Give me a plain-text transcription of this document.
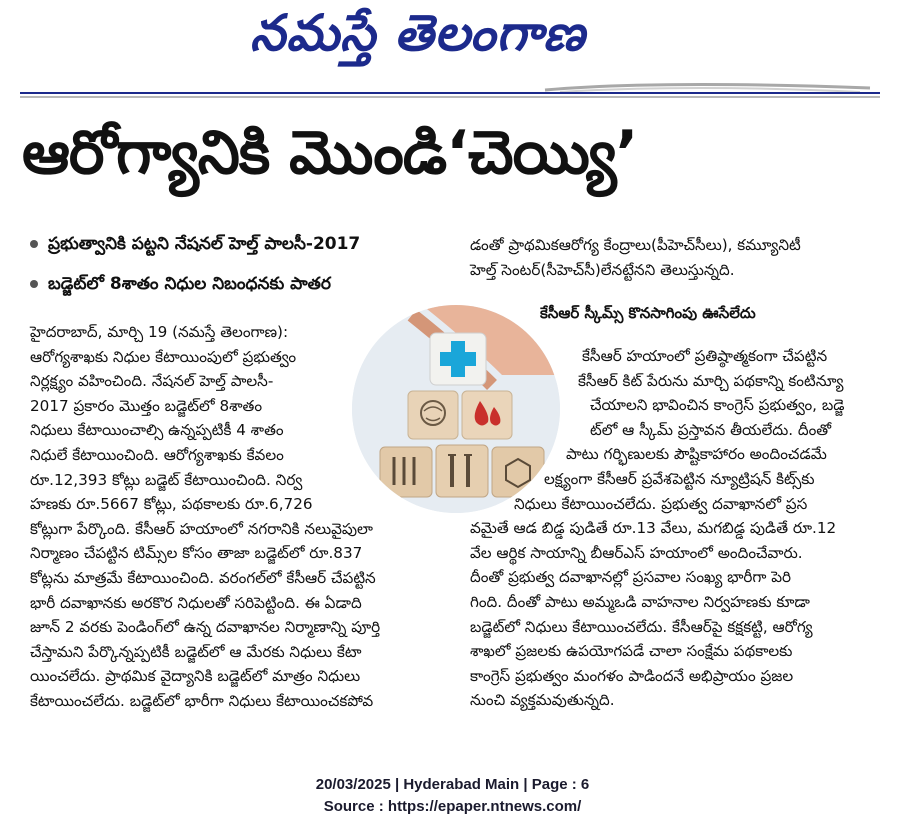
నమస్తే తెలంగాణ
ఆరోగ్యానికి మొండి‘చెయ్యి’
ప్రభుత్వానికి పట్టని నేషనల్ హెల్త్ పాలసీ-2017
బడ్జెట్‌లో 8శాతం నిధుల నిబంధనకు పాతర

డంతో ప్రాథమికఆరోగ్య కేంద్రాలు(పీహెచ్‌సీలు), కమ్యూనిటీ

హెల్త్ సెంటర్(సీహెచ్‌సీ)లేనట్టేనని తెలుస్తున్నది.

కేసీఆర్ స్కీమ్స్ కొనసాగింపు ఊసేలేదు

హైదరాబాద్, మార్చి 19 (నమస్తే తెలంగాణ):

ఆరోగ్యశాఖకు నిధుల కేటాయింపులో ప్రభుత్వం

నిర్లక్ష్యం వహించింది. నేషనల్ హెల్త్ పాలసీ-

2017 ప్రకారం మొత్తం బడ్జెట్‌లో 8శాతం

నిధులు కేటాయించాల్సి ఉన్నప్పటికీ 4 శాతం

నిధులే కేటాయించింది. ఆరోగ్యశాఖకు కేవలం

రూ.12,393 కోట్లు బడ్జెట్ కేటాయించింది. నిర్వ

హణకు రూ.5667 కోట్లు, పథకాలకు రూ.6,726

కోట్లుగా పేర్కొంది. కేసీఆర్ హయాంలో నగరానికి నలువైపులా

నిర్మాణం చేపట్టిన టిమ్స్‌ల కోసం తాజా బడ్జెట్‌లో రూ.837

కోట్లను మాత్రమే కేటాయించింది. వరంగల్‌లో కేసీఆర్ చేపట్టిన

భారీ దవాఖానకు అరకొర నిధులతో సరిపెట్టింది. ఈ ఏడాది

జూన్ 2 వరకు పెండింగ్‌లో ఉన్న దవాఖానల నిర్మాణాన్ని పూర్తి

చేస్తామని పేర్కొన్నప్పటికీ బడ్జెట్‌లో ఆ మేరకు నిధులు కేటా

యించలేదు. ప్రాథమిక వైద్యానికి బడ్జెట్‌లో మాత్రం నిధులు

కేటాయించలేదు. బడ్జెట్‌లో భారీగా నిధులు కేటాయించకపోవ

కేసీఆర్ హయాంలో ప్రతిష్ఠాత్మకంగా చేపట్టిన

కేసీఆర్ కిట్ పేరును మార్చి పథకాన్ని కంటిన్యూ

చేయాలని భావించిన కాంగ్రెస్ ప్రభుత్వం, బడ్జె

ట్‌లో ఆ స్కీమ్ ప్రస్తావన తీయలేదు. దీంతో

పాటు గర్భిణులకు పౌష్టికాహారం అందించడమే

లక్ష్యంగా కేసీఆర్ ప్రవేశపెట్టిన న్యూట్రిషన్ కిట్స్‌కు

నిధులు కేటాయించలేదు. ప్రభుత్వ దవాఖానలో ప్రస

వమైతే ఆడ బిడ్డ పుడితే రూ.13 వేలు, మగబిడ్డ పుడితే రూ.12

వేల ఆర్థిక సాయాన్ని బీఆర్ఎస్ హయాంలో అందించేవారు.

దీంతో ప్రభుత్వ దవాఖానల్లో ప్రసవాల సంఖ్య భారీగా పెరి

గింది. దీంతో పాటు అమ్మఒడి వాహనాల నిర్వహణకు కూడా

బడ్జెట్‌లో నిధులు కేటాయించలేదు. కేసీఆర్‌పై కక్షకట్టి, ఆరోగ్య

శాఖలో ప్రజలకు ఉపయోగపడే చాలా సంక్షేమ పథకాలకు

కాంగ్రెస్ ప్రభుత్వం మంగళం పాడిందనే అభిప్రాయం ప్రజల

నుంచి వ్యక్తమవుతున్నది.

20/03/2025 | Hyderabad Main | Page : 6
Source : https://epaper.ntnews.com/
